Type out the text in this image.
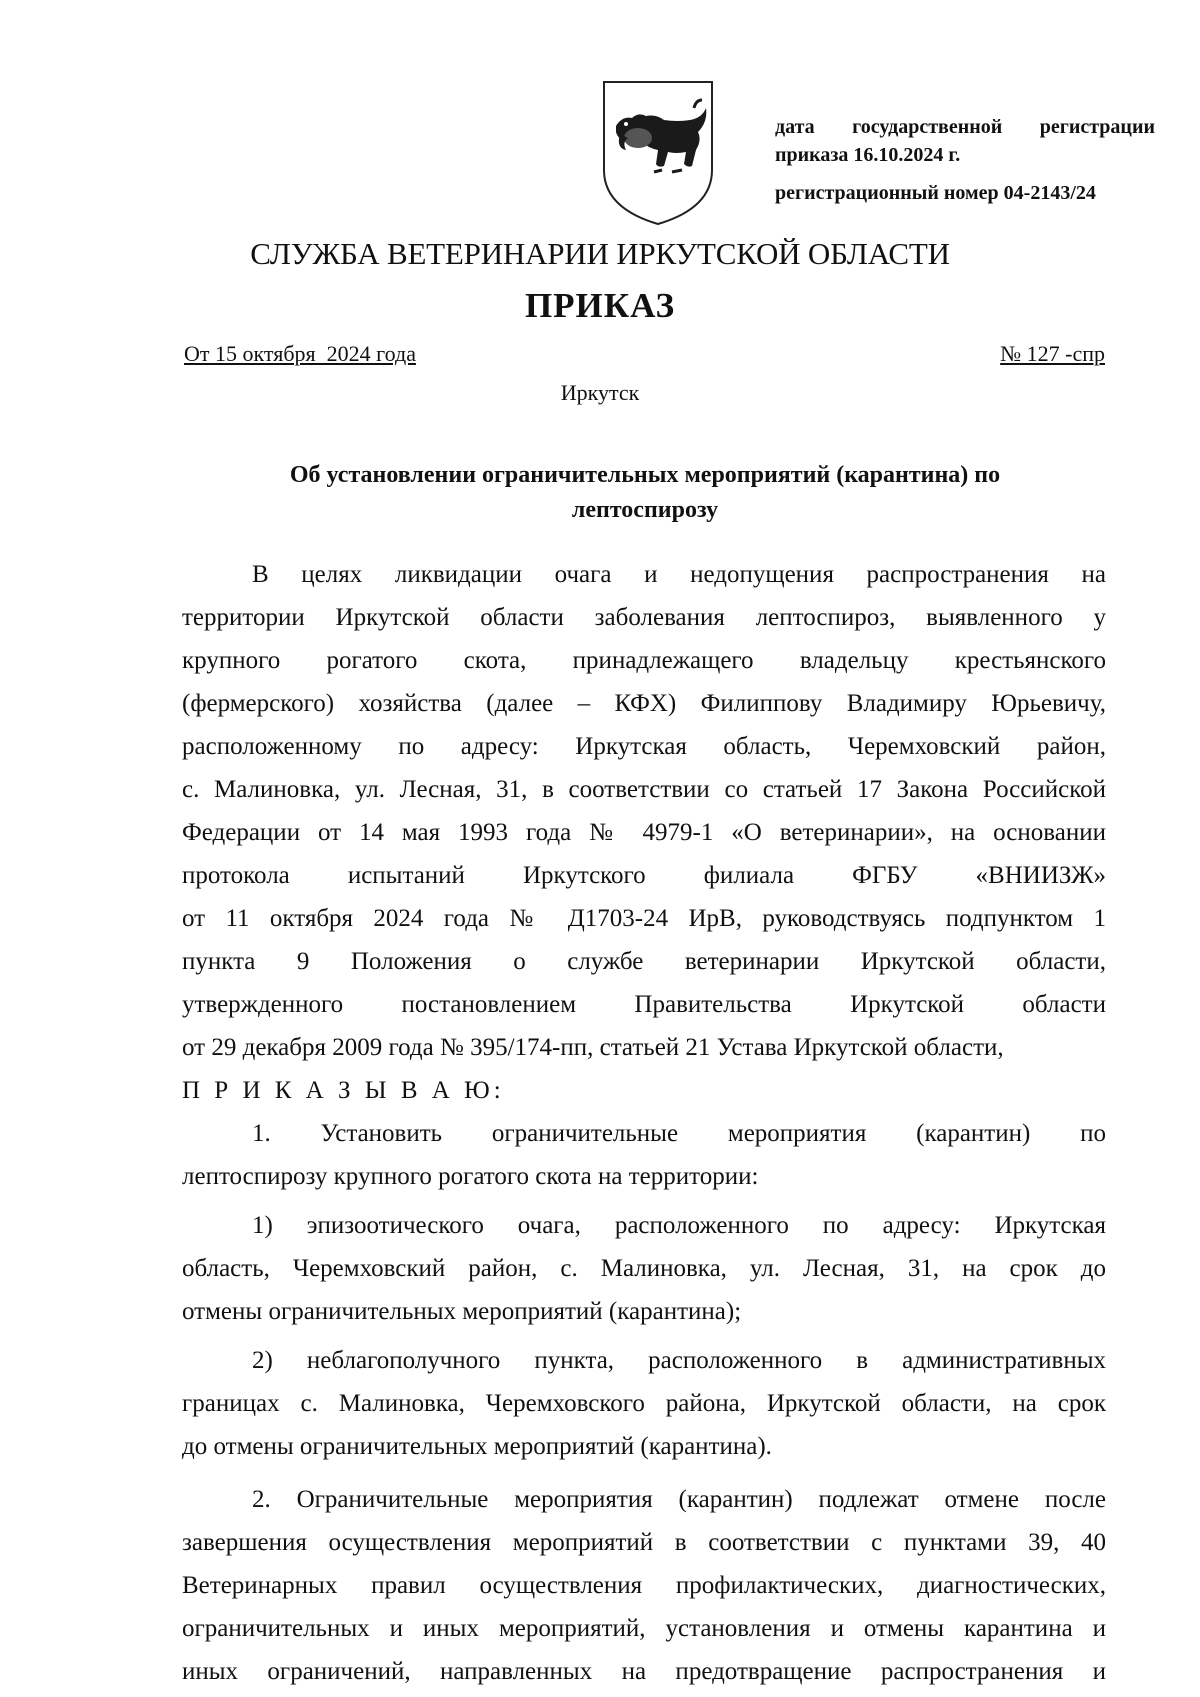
дата государственной регистрации
приказа 16.10.2024 г.
регистрационный номер 04-2143/24
СЛУЖБА ВЕТЕРИНАРИИ ИРКУТСКОЙ ОБЛАСТИ
ПРИКАЗ
От 15 октября  2024 года	№ 127 -спр
Иркутск
Об установлении ограничительных мероприятий (карантина) по
лептоспирозу
В целях ликвидации очага и недопущения распространения на
территории Иркутской области заболевания лептоспироз, выявленного у
крупного рогатого скота, принадлежащего владельцу крестьянского
(фермерского) хозяйства (далее – КФХ) Филиппову Владимиру Юрьевичу,
расположенному по адресу: Иркутская область, Черемховский район,
с. Малиновка, ул. Лесная, 31, в соответствии со статьей 17 Закона Российской
Федерации от 14 мая 1993 года № 4979-1 «О ветеринарии», на основании
протокола испытаний Иркутского филиала ФГБУ «ВНИИЗЖ»
от 11 октября 2024 года № Д1703-24 ИрВ, руководствуясь подпунктом 1
пункта 9 Положения о службе ветеринарии Иркутской области,
утвержденного постановлением Правительства Иркутской области
от 29 декабря 2009 года № 395/174-пп, статьей 21 Устава Иркутской области,
П Р И К А З Ы В А Ю:
1. Установить ограничительные мероприятия (карантин) по
лептоспирозу крупного рогатого скота на территории:
1) эпизоотического очага, расположенного по адресу: Иркутская
область, Черемховский район, с. Малиновка, ул. Лесная, 31, на срок до
отмены ограничительных мероприятий (карантина);
2) неблагополучного пункта, расположенного в административных
границах с. Малиновка, Черемховского района, Иркутской области, на срок
до отмены ограничительных мероприятий (карантина).
2. Ограничительные мероприятия (карантин) подлежат отмене после
завершения осуществления мероприятий в соответствии с пунктами 39, 40
Ветеринарных правил осуществления профилактических, диагностических,
ограничительных и иных мероприятий, установления и отмены карантина и
иных ограничений, направленных на предотвращение распространения и
